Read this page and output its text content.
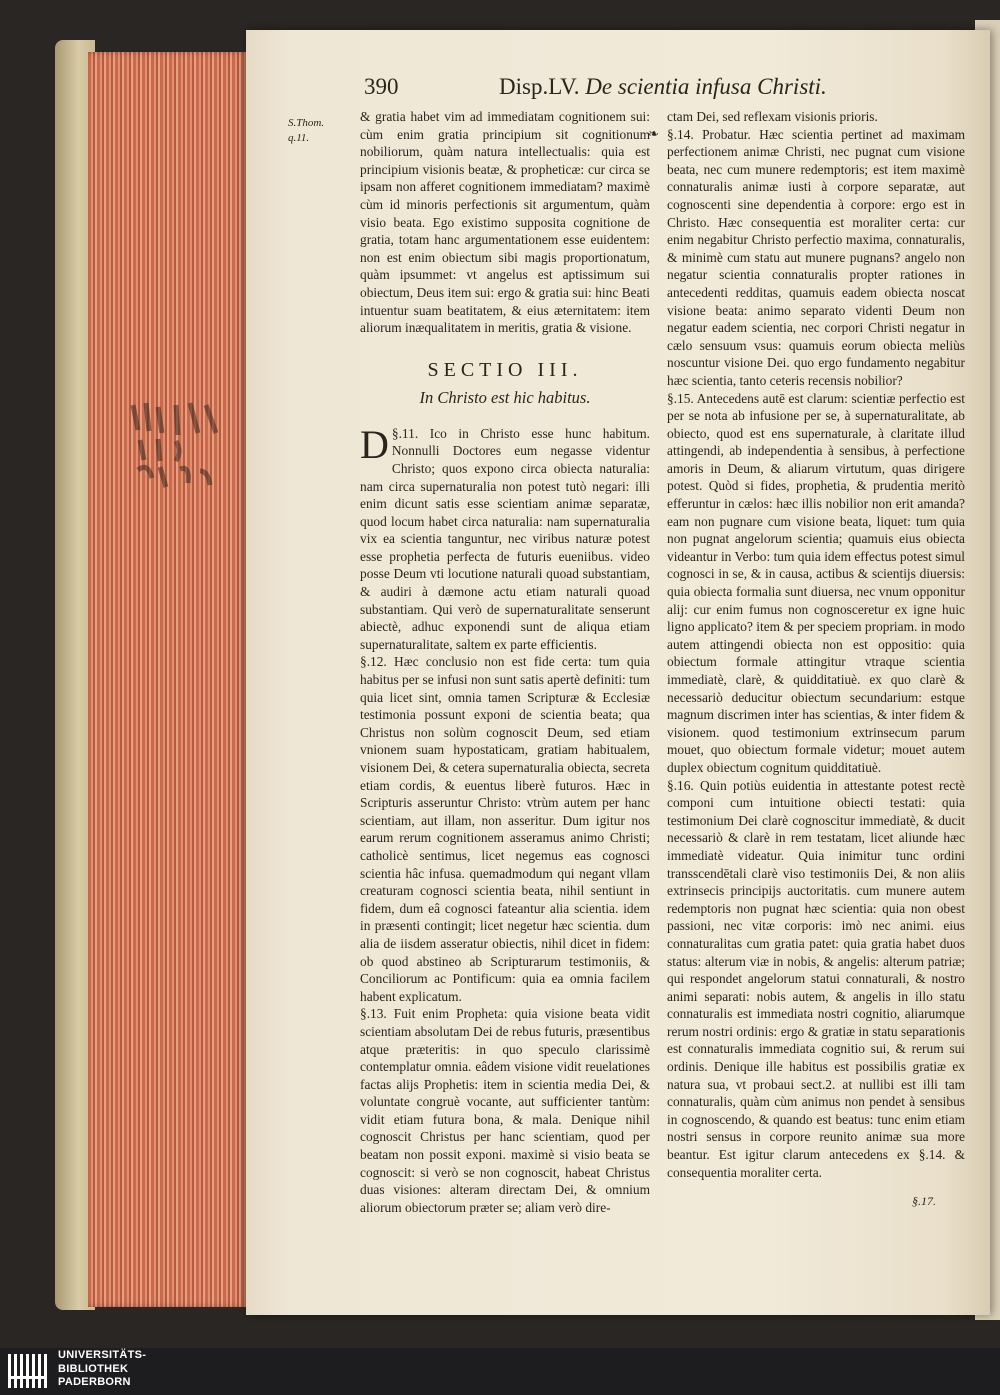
390	Disp.LV. De scientia infusa Christi.
S.Thom.
q.11.

& gratia habet vim ad immediatam cognitionem sui: cùm enim gratia principium sit cognitionum nobiliorum, quàm natura intellectualis: quia est principium visionis beatæ, & propheticæ: cur circa se ipsam non afferet cognitionem immediatam? maximè cùm id minoris perfectionis sit argumentum, quàm visio beata. Ego existimo supposita cognitione de gratia, totam hanc argumentationem esse euidentem: non est enim obiectum sibi magis proportionatum, quàm ipsummet: vt angelus est aptissimum sui obiectum, Deus item sui: ergo & gratia sui: hinc Beati intuentur suam beatitatem, & eius æternitatem: item aliorum inæqualitatem in meritis, gratia & visione.

SECTIO III.
In Christo est hic habitus.

§.11.
D	Ico in Christo esse hunc habitum. Nonnulli Doctores eum negasse videntur Christo; quos expono circa obiecta naturalia: nam circa supernaturalia non potest tutò negari: illi enim dicunt satis esse scientiam animæ separatæ, quod locum habet circa naturalia: nam supernaturalia vix ea scientia tanguntur, nec viribus naturæ potest esse prophetia perfecta de futuris eueniibus. video posse Deum vti locutione naturali quoad substantiam, & audiri à dæmone actu etiam naturali quoad substantiam. Qui verò de supernaturalitate senserunt abiectè, adhuc exponendi sunt de aliqua etiam supernaturalitate, saltem ex parte efficientis.

§.12. Hæc conclusio non est fide certa: tum quia habitus per se infusi non sunt satis apertè definiti: tum quia licet sint, omnia tamen Scripturæ & Ecclesiæ testimonia possunt exponi de scientia beata; qua Christus non solùm cognoscit Deum, sed etiam vnionem suam hypostaticam, gratiam habitualem, visionem Dei, & cetera supernaturalia obiecta, secreta etiam cordis, & euentus liberè futuros. Hæc in Scripturis asseruntur Christo: vtrùm autem per hanc scientiam, aut illam, non asseritur. Dum igitur nos earum rerum cognitionem asseramus animo Christi; catholicè sentimus, licet negemus eas cognosci scientia hâc infusa. quemadmodum qui negant vllam creaturam cognosci scientia beata, nihil sentiunt in fidem, dum eâ cognosci fateantur alia scientia. idem in præsenti contingit; licet negetur hæc scientia. dum alia de iisdem asseratur obiectis, nihil dicet in fidem: ob quod abstineo ab Scripturarum testimoniis, & Conciliorum ac Pontificum: quia ea omnia facilem habent explicatum.

§.13. Fuit enim Propheta: quia visione beata vidit scientiam absolutam Dei de rebus futuris, præsentibus atque præteritis: in quo speculo clarissimè contemplatur omnia. eâdem visione vidit reuelationes factas alijs Prophetis: item in scientia media Dei, & voluntate congruè vocante, aut sufficienter tantùm: vidit etiam futura bona, & mala. Denique nihil cognoscit Christus per hanc scientiam, quod per beatam non possit exponi. maximè si visio beata se cognoscit: si verò se non cognoscit, habeat Christus duas visiones: alteram directam Dei, & omnium aliorum obiectorum præter se; aliam verò dire-

❧

ctam Dei, sed reflexam visionis prioris.

§.14. Probatur. Hæc scientia pertinet ad maximam perfectionem animæ Christi, nec pugnat cum visione beata, nec cum munere redemptoris; est item maximè connaturalis animæ iusti à corpore separatæ, aut cognoscenti sine dependentia à corpore: ergo est in Christo. Hæc consequentia est moraliter certa: cur enim negabitur Christo perfectio maxima, connaturalis, & minimè cum statu aut munere pugnans? angelo non negatur scientia connaturalis propter rationes in antecedenti redditas, quamuis eadem obiecta noscat visione beata: animo separato videnti Deum non negatur eadem scientia, nec corpori Christi negatur in cælo sensuum vsus: quamuis eorum obiecta meliùs noscuntur visione Dei. quo ergo fundamento negabitur hæc scientia, tanto ceteris recensis nobilior?

§.15. Antecedens autē est clarum: scientiæ perfectio est per se nota ab infusione per se, à supernaturalitate, ab obiecto, quod est ens supernaturale, à claritate illud attingendi, ab independentia à sensibus, à perfectione amoris in Deum, & aliarum virtutum, quas dirigere potest. Quòd si fides, prophetia, & prudentia meritò efferuntur in cælos: hæc illis nobilior non erit amanda? eam non pugnare cum visione beata, liquet: tum quia non pugnat angelorum scientia; quamuis eius obiecta videantur in Verbo: tum quia idem effectus potest simul cognosci in se, & in causa, actibus & scientijs diuersis: quia obiecta formalia sunt diuersa, nec vnum opponitur alij: cur enim fumus non cognosceretur ex igne huic ligno applicato? item & per speciem propriam. in modo autem attingendi obiecta non est oppositio: quia obiectum formale attingitur vtraque scientia immediatè, clarè, & quidditatiuè. ex quo clarè & necessariò deducitur obiectum secundarium: estque magnum discrimen inter has scientias, & inter fidem & visionem. quod testimonium extrinsecum parum mouet, quo obiectum formale videtur; mouet autem duplex obiectum cognitum quidditatiuè.

§.16. Quin potiùs euidentia in attestante potest rectè componi cum intuitione obiecti testati: quia testimonium Dei clarè cognoscitur immediatè, & ducit necessariò & clarè in rem testatam, licet aliunde hæc immediatè videatur. Quia inimitur tunc ordini transscendētali clarè viso testimoniis Dei, & non aliis extrinsecis principijs auctoritatis. cum munere autem redemptoris non pugnat hæc scientia: quia non obest passioni, nec vitæ corporis: imò nec animi. eius connaturalitas cum gratia patet: quia gratia habet duos status: alterum viæ in nobis, & angelis: alterum patriæ; qui respondet angelorum statui connaturali, & nostro animi separati: nobis autem, & angelis in illo statu connaturalis est immediata nostri cognitio, aliarumque rerum nostri ordinis: ergo & gratiæ in statu separationis est connaturalis immediata cognitio sui, & rerum sui ordinis. Denique ille habitus est possibilis gratiæ ex natura sua, vt probaui sect.2. at nullibi est illi tam connaturalis, quàm cùm animus non pendet à sensibus in cognoscendo, & quando est beatus: tunc enim etiam nostri sensus in corpore reunito animæ sua more beantur. Est igitur clarum antecedens ex §.14. & consequentia moraliter certa.

§.17.
UNIVERSITÄTS-
BIBLIOTHEK
PADERBORN
